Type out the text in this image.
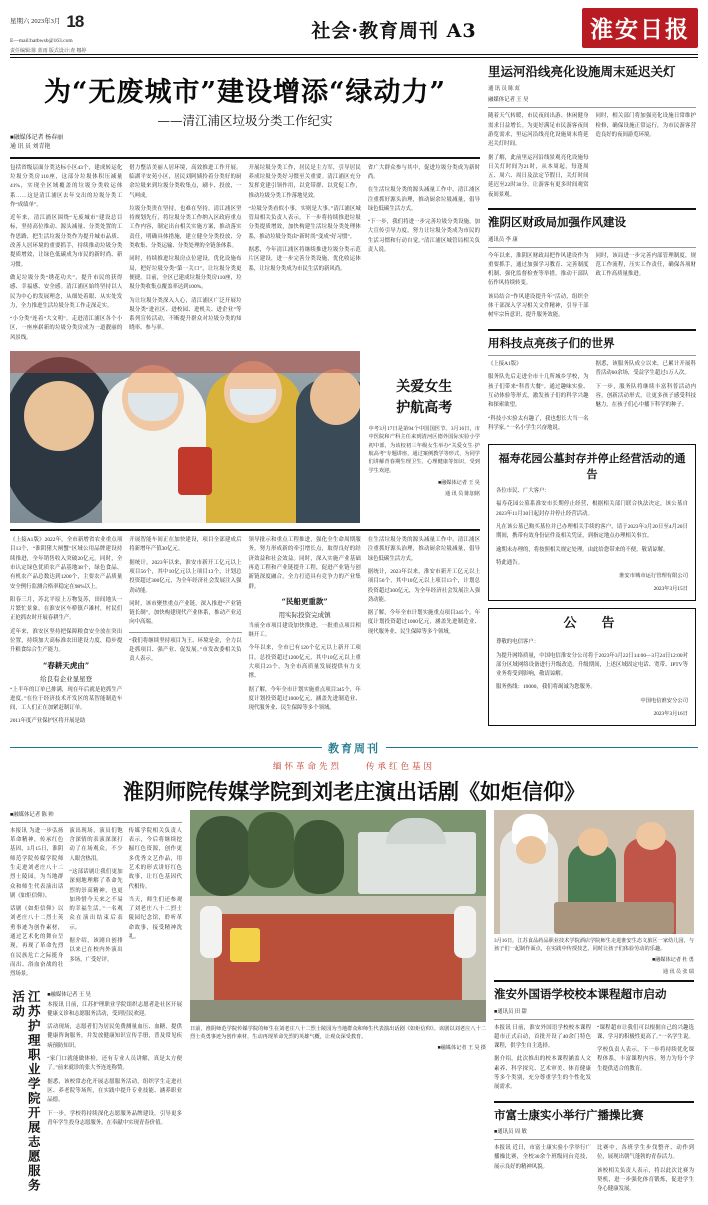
星期六 2023年3月 18
E—mail:hatbwsb@163.com
责任编辑:陈 蓝雨 版式设计:查 娜婷
社会·教育周刊 A3	淮安日报
为“无废城市”建设增添“绿动力”
——清江浦区垃圾分类工作纪实
■融媒体记者 杨春丽
通 讯 员 刘青艳

包括省级层面分类达标小区43个，建成转运化垃圾分类房110座，这部分垃圾体积压减量41%，实现全区域覆盖的垃圾分类收运体系……这是清江浦区去年交出的垃圾分类工作“成绩单”。

近年来，清江浦区围绕“无废城市”建设总目标，坚持高位推动、源头减量、分类处置的工作思路，把生活垃圾分类作为提升城市品质、改善人居环境的重要抓手，持续推动垃圾分类提质增效，让绿色低碳成为市民的新时尚、新习惯。

做足垃圾分类“绣花功夫”，提升市民的获得感、幸福感、安全感。清江浦区始终坚持以人民为中心的发展理念，从细处着眼、从实处发力，全力推进生活垃圾分类工作走深走实。

“小分类”连着“大文明”。走进清江浦区各个小区，一座座崭新的垃圾分类房成为一道靓丽的风景线。

借力整洁美丽人居环境，高效推进工作开展。临湖平安苑小区，居民刘阿姨拎着分类好的厨余垃圾来到垃圾分类收集点，刷卡、投放，一气呵成。

垃圾分类贵在坚持，也难在坚持。清江浦区坚持规划先行，将垃圾分类工作纳入区政府重点工作内容，制定出台相关实施方案，推动落实责任，明确具体措施，建立健全分类投放、分类收集、分类运输、分类处理的全链条体系。

同时，持续推进垃圾房点位建设，优化设施布局，把好垃圾分类“第一关口”，让垃圾分类更便捷。目前，全区已建成垃圾分类房110座，垃圾分类收集点覆盖率达到100%。

为让垃圾分类深入人心，清江浦区广泛开展垃圾分类“进社区、进校园、进机关、进企业”等系列宣传活动，不断提升群众对垃圾分类的知晓率、参与率。

开展垃圾分类工作，居民是主力军，引导居民养成垃圾分类好习惯至关重要。清江浦区充分发挥党建引领作用，以党带群、以党促工作，推动垃圾分类工作落地见效。

“垃圾分类看似小事，实则是大事。”清江浦区城管局相关负责人表示，下一步将持续推进垃圾分类提质增效，加快构建生活垃圾分类处理体系，推动垃圾分类由“新时尚”变成“好习惯”。

据悉，今年清江浦区将继续推进垃圾分类示范片区建设，进一步完善分类设施，优化收运体系，让垃圾分类成为市民生活的新风尚。

省广大群众参与其中，促进垃圾分类成为新时尚。

在生活垃圾分类的源头减量工作中，清江浦区注重抓好源头治理，推动厨余垃圾减量，倡导绿色低碳生活方式。

“下一步，我们将进一步完善垃圾分类设施，加大宣传引导力度，努力让垃圾分类成为市民的生活习惯和行动自觉。”清江浦区城管局相关负责人说。

关爱女生
护航高考
中考3月17日是第94个中国国医节。3月16日，市中医院和产科主任来到清河区德外国际实验小学初中部，为该校初三年级女生举办“关爱女生·护航高考”专题讲座，通过案例教学等形式，为同学们讲解青春期生理卫生、心理健康等知识，受到学生欢迎。
■融媒体记者 王 昊
通 讯 员 陈加铭

《上接A1版》2022年，全市新增省农业重点项目13个，“淮阴猪大闸蟹”区域公用品牌建设持续推进，全年销售收入突破20亿元。同时，全市认定绿色优质农产品基地38个，绿色食品、有机农产品总数达到1200个，主要农产品质量安全例行监测合格率稳定在98%以上。

阳春三月，苏北平原上万物复苏，田间地头一片繁忙景象。在淮安区车桥镇卢滩村，村民们正抢抓农时开展春耕生产。

近年来，淮安区坚持把保障粮食安全放在突出位置，持续加大高标准农田建设力度，稳步提升粮食综合生产能力。

“春耕天虎由”
给良有企业显星登

“上半年的订单已排满，现在年后就是抢抓生产进度。”在位于经济技术开发区的某智能制造车间，工人们正在加紧赶制订单。

2011年度产业保护区将开展是助

开展智能车间正在加快建设，项目全部建成后将新增年产值30亿元。

据统计，2023年以来，淮安市新开工亿元以上项目56个，其中10亿元以上项目13个，计划总投资超过300亿元，为全年经济社会发展注入强劲动能。

同时，该市聚焦重点产业链，深入推进“产业链链长制”，加快构建现代产业体系，推动产业迈向中高端。

“我们将继续坚持项目为王、环境是金，全力以赴抓项目、强产业、促发展。”市发改委相关负责人表示。

领导批示和重点工程推进，强化全生命周期服务，努力形成新的牵引增长点，取得良好的经济效益和社会效益。同时，深入实施产业基础再造工程和产业链提升工程，促进产业链与创新链深度融合，全力打造具有竞争力的产业集群。

“民船更重款”
用实际投资完成镇

当前全市项目建设加快推进，一批重点项目相继开工。

今年以来，全市已有120个亿元以上新开工项目，总投资超过1200亿元，其中10亿元以上重大项目23个，为全市高质量发展提供有力支撑。

据了解，今年全市计划实施重点项目345个，年度计划投资超过1000亿元，涵盖先进制造业、现代服务业、民生保障等多个领域。

在生活垃圾分类的源头减量工作中，清江浦区注重抓好源头治理，推动厨余垃圾减量，倡导绿色低碳生活方式。

据统计，2023年以来，淮安市新开工亿元以上项目56个，其中10亿元以上项目13个，计划总投资超过300亿元，为全年经济社会发展注入强劲动能。

据了解，今年全市计划实施重点项目345个，年度计划投资超过1000亿元，涵盖先进制造业、现代服务业、民生保障等多个领域。

里运河沿线亮化设施周末延迟关灯
通 讯 员 陈 虹
融媒体记者 王 昊

随着天气转暖，市民夜间出游、休闲健身需求日益增长。为更好满足市民游客夜间游览需求，里运河沿线亮化设施周末将延迟关灯时间。

据了解，此前里运河沿线景观亮化设施每日关灯时间为21时，从本周起，每逢周五、周六、周日及法定节假日，关灯时间延迟至22时30分，让游客有更多时间观赏夜间景观。

同时，相关部门将加强亮化设施日常维护检修，确保设施正常运行，为市民游客营造良好的夜间游览环境。

淮阴区财政局加强作风建设
通讯员 李 康

今年以来，淮阴区财政局把作风建设作为重要抓手，通过加强学习教育、完善制度机制、强化监督检查等举措，推动干部队伍作风持续转变。

该局结合“作风建设提升年”活动，组织全体干部深入学习相关文件精神，引导干部树牢宗旨意识，提升服务效能。

同时，该局进一步完善内部管理制度，规范工作流程，压实工作责任，确保各项财政工作高质量推进。

用科技点亮孩子们的世界

《上接A1版》

服务队先后走进全市十几所城乡学校，为孩子们带来“科普大餐”。通过趣味实验、互动体验等形式，激发孩子们的科学兴趣和探索欲望。

“科技小实验太有趣了，我也想长大当一名科学家。”一名小学生兴奋地说。

据悉，该服务队成立以来，已累计开展科普活动60余场，受益学生超过1万人次。

下一步，服务队将继续丰富科普活动内容，创新活动形式，让更多孩子感受科技魅力，在孩子们心中播下科学的种子。

福寿花园公墓封存并停止经营活动的通告

各位市民、广大客户：

福寿花园公墓系淮安市长期停止经营，根据相关部门联合执法决定，该公墓自2023年11月30日起封存并停止经营活动。

凡在该公墓已购买墓位并已办理相关手续的客户，请于2023年3月20日至4月20日期间，携带有效身份证件及相关凭证，到指定地点办理相关事宜。

逾期未办理的，将按照相关规定处理。由此给您带来的不便，敬请谅解。

特此通告。

淮安市城市运行管理有限公司
2023年3月15日
公　告

尊敬的电信客户：

为提升网络质量，中国电信淮安分公司将于2023年3月22日14:00—3月24日12:00对部分区域网络设备进行升级改造。升级期间，上述区域固定电话、宽带、IPTV等业务将受到影响，敬请谅解。

服务热线：10000，我们将竭诚为您服务。

中国电信淮安分公司
2023年3月16日
教育周刊
缅怀革命先烈	传承红色基因
淮阴师院传媒学院到刘老庄演出话剧《如炬信仰》
■融媒体记者 陈 帅

本报讯 为进一步弘扬革命精神，传承红色基因，3月15日，淮阴师范学院传媒学院师生走进刘老庄八十二烈士陵园，为当地群众和师生代表演出话剧《如炬信仰》。

话剧《如炬信仰》以刘老庄八十二烈士英勇事迹为创作素材，通过艺术化的舞台呈现，再现了革命先烈在民族危亡之际挺身而出、浴血奋战的壮烈场景。

演出现场，演员们饱含深情的表演深深打动了在场观众，不少人眼含热泪。

“这部话剧让我们更加深刻地理解了革命先烈的崇高精神，也更加珍惜今天来之不易的幸福生活。”一名观众在演出结束后表示。

据介绍，该剧自创排以来已在校内外演出多场，广受好评。

传媒学院相关负责人表示，今后将继续挖掘红色资源，创作更多优秀文艺作品，用艺术的形式讲好红色故事，让红色基因代代相传。

当天，师生们还参观了刘老庄八十二烈士陵园纪念馆，聆听革命故事，接受精神洗礼。

江苏护理职业学院开展志愿服务活动	■融媒体记者 王 昊

本报讯 日前，江苏护理职业学院组织志愿者赴社区开展健康义诊和志愿服务活动，受到居民欢迎。

活动现场，志愿者们为居民免费测量血压、血糖，提供健康咨询服务，并发放健康知识宣传手册，普及常见疾病预防知识。

“家门口就能做体检，还有专业人员讲解，真是太方便了。”前来就诊的张大爷连连称赞。

据悉，该校常态化开展志愿服务活动，组织学生走进社区、养老院等场所，在实践中提升专业技能、涵养职业品德。

下一步，学校将持续深化志愿服务品牌建设，引导更多青年学生投身志愿服务，在奉献中实现青春价值。

日前，淮阴师范学院传媒学院的师生在刘老庄八十二烈士陵园为当地群众和师生代表演出话剧《如炬信仰》。该剧以刘老庄八十二烈士英勇事迹为创作素材，生动再现革命先烈的英雄气概，让观众深受教育。
■融媒体记者 王 昊 摄
3月16日，江苏食品药品职业技术学院酒店学院师生走进淮安生态文旅区一家幼儿园，与孩子们一起制作面点，在实践中传授技艺，同时让孩子们体验劳动的乐趣。
■融媒体记者 杜 勇
通 讯 员 张 瑞
淮安外国语学校校本课程超市启动
■通讯员 田 甜

本报讯 日前，淮安外国语学校校本课程超市正式启动，首批开设了40余门特色课程，供学生自主选择。

据介绍，此次推出的校本课程涵盖人文素养、科学探究、艺术审美、体育健康等多个类别，充分尊重学生的个性化发展需求。

“课程超市让我们可以根据自己的兴趣选课，学习的积极性更高了。”一名学生说。

学校负责人表示，下一步将持续优化课程体系，丰富课程内容，努力为每个学生提供适合的教育。

市富士康实小举行广播操比赛
■通讯员 周 敏

本报讯 近日，市富士康实验小学举行广播操比赛，全校30余个班级同台竞技，展示良好的精神风貌。

比赛中，各班学生步伐整齐、动作到位，展现出朝气蓬勃的青春活力。

该校相关负责人表示，将以此次比赛为契机，进一步强化体育锻炼，促进学生身心健康发展。
